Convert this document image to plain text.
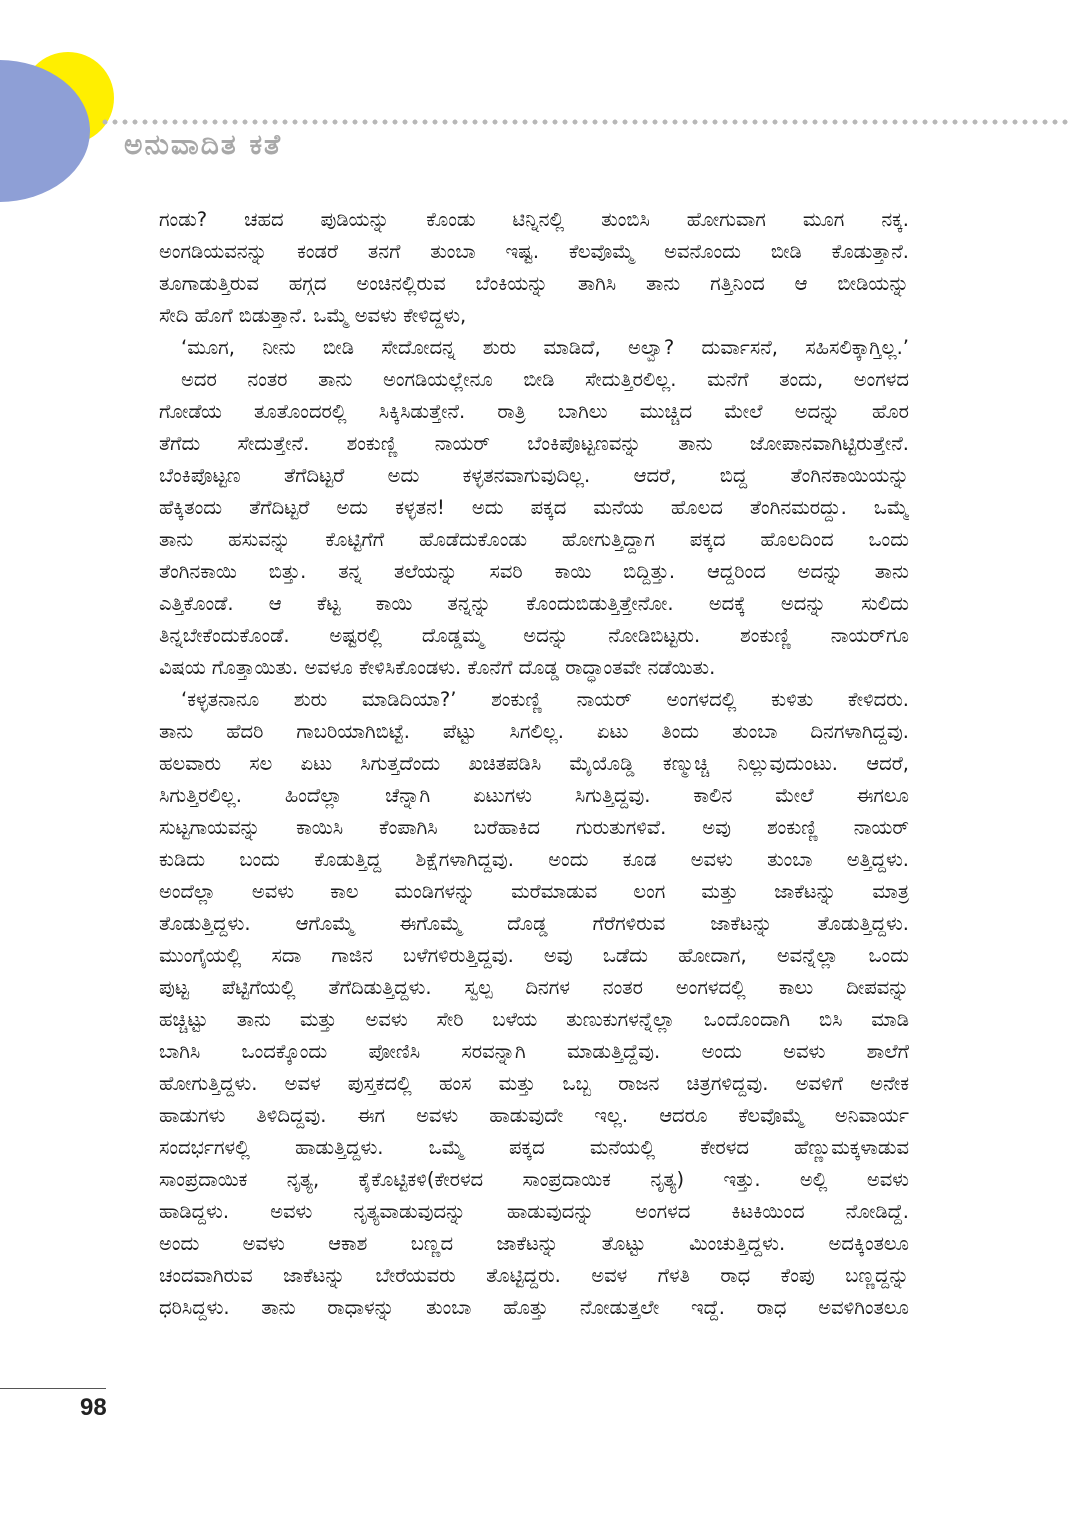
ಅನುವಾದಿತ ಕತೆ
ಗಂಡು? ಚಹದ ಪುಡಿಯನ್ನು ಕೊಂಡು ಟಿನ್ನಿನಲ್ಲಿ ತುಂಬಿಸಿ ಹೋಗುವಾಗ ಮೂಗ ನಕ್ಕ.
ಅಂಗಡಿಯವನನ್ನು ಕಂಡರೆ ತನಗೆ ತುಂಬಾ ಇಷ್ಟ. ಕೆಲವೊಮ್ಮೆ ಅವನೊಂದು ಬೀಡಿ ಕೊಡುತ್ತಾನೆ.
ತೂಗಾಡುತ್ತಿರುವ ಹಗ್ಗದ ಅಂಚಿನಲ್ಲಿರುವ ಬೆಂಕಿಯನ್ನು ತಾಗಿಸಿ ತಾನು ಗತ್ತಿನಿಂದ ಆ ಬೀಡಿಯನ್ನು
ಸೇದಿ ಹೊಗೆ ಬಿಡುತ್ತಾನೆ. ಒಮ್ಮೆ ಅವಳು ಕೇಳಿದ್ದಳು,
‘ಮೂಗ, ನೀನು ಬೀಡಿ ಸೇದೋದನ್ನ ಶುರು ಮಾಡಿದೆ, ಅಲ್ವಾ? ದುರ್ವಾಸನೆ, ಸಹಿಸಲಿಕ್ಕಾಗ್ತಿಲ್ಲ.’
ಅದರ ನಂತರ ತಾನು ಅಂಗಡಿಯಲ್ಲೇನೂ ಬೀಡಿ ಸೇದುತ್ತಿರಲಿಲ್ಲ. ಮನೆಗೆ ತಂದು, ಅಂಗಳದ
ಗೋಡೆಯ ತೂತೊಂದರಲ್ಲಿ ಸಿಕ್ಕಿಸಿಡುತ್ತೇನೆ. ರಾತ್ರಿ ಬಾಗಿಲು ಮುಚ್ಚಿದ ಮೇಲೆ ಅದನ್ನು ಹೊರ
ತೆಗೆದು ಸೇದುತ್ತೇನೆ. ಶಂಕುಣ್ಣಿ ನಾಯರ್ ಬೆಂಕಿಪೊಟ್ಟಣವನ್ನು ತಾನು ಜೋಪಾನವಾಗಿಟ್ಟಿರುತ್ತೇನೆ.
ಬೆಂಕಿಪೊಟ್ಟಣ ತೆಗೆದಿಟ್ಟರೆ ಅದು ಕಳ್ಳತನವಾಗುವುದಿಲ್ಲ. ಆದರೆ, ಬಿದ್ದ ತೆಂಗಿನಕಾಯಿಯನ್ನು
ಹೆಕ್ಕಿತಂದು ತೆಗೆದಿಟ್ಟರೆ ಅದು ಕಳ್ಳತನ! ಅದು ಪಕ್ಕದ ಮನೆಯ ಹೊಲದ ತೆಂಗಿನಮರದ್ದು. ಒಮ್ಮೆ
ತಾನು ಹಸುವನ್ನು ಕೊಟ್ಟಿಗೆಗೆ ಹೊಡೆದುಕೊಂಡು ಹೋಗುತ್ತಿದ್ದಾಗ ಪಕ್ಕದ ಹೊಲದಿಂದ ಒಂದು
ತೆಂಗಿನಕಾಯಿ ಬಿತ್ತು. ತನ್ನ ತಲೆಯನ್ನು ಸವರಿ ಕಾಯಿ ಬಿದ್ದಿತ್ತು. ಆದ್ದರಿಂದ ಅದನ್ನು ತಾನು
ಎತ್ತಿಕೊಂಡೆ. ಆ ಕೆಟ್ಟ ಕಾಯಿ ತನ್ನನ್ನು ಕೊಂದುಬಿಡುತ್ತಿತ್ತೇನೋ. ಅದಕ್ಕೆ ಅದನ್ನು ಸುಲಿದು
ತಿನ್ನಬೇಕೆಂದುಕೊಂಡೆ. ಅಷ್ಟರಲ್ಲಿ ದೊಡ್ಡಮ್ಮ ಅದನ್ನು ನೋಡಿಬಿಟ್ಟರು. ಶಂಕುಣ್ಣಿ ನಾಯರ್‌ಗೂ
ವಿಷಯ ಗೊತ್ತಾಯಿತು. ಅವಳೂ ಕೇಳಿಸಿಕೊಂಡಳು. ಕೊನೆಗೆ ದೊಡ್ಡ ರಾದ್ಧಾಂತವೇ ನಡೆಯಿತು.
‘ಕಳ್ಳತನಾನೂ ಶುರು ಮಾಡಿದಿಯಾ?’ ಶಂಕುಣ್ಣಿ ನಾಯರ್ ಅಂಗಳದಲ್ಲಿ ಕುಳಿತು ಕೇಳಿದರು.
ತಾನು ಹೆದರಿ ಗಾಬರಿಯಾಗಿಬಿಟ್ಟೆ. ಪೆಟ್ಟು ಸಿಗಲಿಲ್ಲ. ಏಟು ತಿಂದು ತುಂಬಾ ದಿನಗಳಾಗಿದ್ದವು.
ಹಲವಾರು ಸಲ ಏಟು ಸಿಗುತ್ತದೆಂದು ಖಚಿತಪಡಿಸಿ ಮೈಯೊಡ್ಡಿ ಕಣ್ಮುಚ್ಚಿ ನಿಲ್ಲುವುದುಂಟು. ಆದರೆ,
ಸಿಗುತ್ತಿರಲಿಲ್ಲ. ಹಿಂದೆಲ್ಲಾ ಚೆನ್ನಾಗಿ ಏಟುಗಳು ಸಿಗುತ್ತಿದ್ದವು. ಕಾಲಿನ ಮೇಲೆ ಈಗಲೂ
ಸುಟ್ಟಗಾಯವನ್ನು ಕಾಯಿಸಿ ಕೆಂಪಾಗಿಸಿ ಬರೆಹಾಕಿದ ಗುರುತುಗಳಿವೆ. ಅವು ಶಂಕುಣ್ಣಿ ನಾಯರ್
ಕುಡಿದು ಬಂದು ಕೊಡುತ್ತಿದ್ದ ಶಿಕ್ಷೆಗಳಾಗಿದ್ದವು. ಅಂದು ಕೂಡ ಅವಳು ತುಂಬಾ ಅತ್ತಿದ್ದಳು.
ಅಂದೆಲ್ಲಾ ಅವಳು ಕಾಲ ಮಂಡಿಗಳನ್ನು ಮರೆಮಾಡುವ ಲಂಗ ಮತ್ತು ಜಾಕೆಟನ್ನು ಮಾತ್ರ
ತೊಡುತ್ತಿದ್ದಳು. ಆಗೊಮ್ಮೆ ಈಗೊಮ್ಮೆ ದೊಡ್ಡ ಗೆರೆಗಳಿರುವ ಜಾಕೆಟನ್ನು ತೊಡುತ್ತಿದ್ದಳು.
ಮುಂಗೈಯಲ್ಲಿ ಸದಾ ಗಾಜಿನ ಬಳೆಗಳಿರುತ್ತಿದ್ದವು. ಅವು ಒಡೆದು ಹೋದಾಗ, ಅವನ್ನೆಲ್ಲಾ ಒಂದು
ಪುಟ್ಟ ಪೆಟ್ಟಿಗೆಯಲ್ಲಿ ತೆಗೆದಿಡುತ್ತಿದ್ದಳು. ಸ್ವಲ್ಪ ದಿನಗಳ ನಂತರ ಅಂಗಳದಲ್ಲಿ ಕಾಲು ದೀಪವನ್ನು
ಹಚ್ಚಿಟ್ಟು ತಾನು ಮತ್ತು ಅವಳು ಸೇರಿ ಬಳೆಯ ತುಣುಕುಗಳನ್ನೆಲ್ಲಾ ಒಂದೊಂದಾಗಿ ಬಿಸಿ ಮಾಡಿ
ಬಾಗಿಸಿ ಒಂದಕ್ಕೊಂದು ಪೋಣಿಸಿ ಸರವನ್ನಾಗಿ ಮಾಡುತ್ತಿದ್ದೆವು. ಅಂದು ಅವಳು ಶಾಲೆಗೆ
ಹೋಗುತ್ತಿದ್ದಳು. ಅವಳ ಪುಸ್ತಕದಲ್ಲಿ ಹಂಸ ಮತ್ತು ಒಬ್ಬ ರಾಜನ ಚಿತ್ರಗಳಿದ್ದವು. ಅವಳಿಗೆ ಅನೇಕ
ಹಾಡುಗಳು ತಿಳಿದಿದ್ದವು. ಈಗ ಅವಳು ಹಾಡುವುದೇ ಇಲ್ಲ. ಆದರೂ ಕೆಲವೊಮ್ಮೆ ಅನಿವಾರ್ಯ
ಸಂದರ್ಭಗಳಲ್ಲಿ ಹಾಡುತ್ತಿದ್ದಳು. ಒಮ್ಮೆ ಪಕ್ಕದ ಮನೆಯಲ್ಲಿ ಕೇರಳದ ಹೆಣ್ಣುಮಕ್ಕಳಾಡುವ
ಸಾಂಪ್ರದಾಯಿಕ ನೃತ್ಯ, ಕೈಕೊಟ್ಟಿಕಳಿ(ಕೇರಳದ ಸಾಂಪ್ರದಾಯಿಕ ನೃತ್ಯ) ಇತ್ತು. ಅಲ್ಲಿ ಅವಳು
ಹಾಡಿದ್ದಳು. ಅವಳು ನೃತ್ಯವಾಡುವುದನ್ನು ಹಾಡುವುದನ್ನು ಅಂಗಳದ ಕಿಟಕಿಯಿಂದ ನೋಡಿದ್ದೆ.
ಅಂದು ಅವಳು ಆಕಾಶ ಬಣ್ಣದ ಜಾಕೆಟನ್ನು ತೊಟ್ಟು ಮಿಂಚುತ್ತಿದ್ದಳು. ಅದಕ್ಕಿಂತಲೂ
ಚಂದವಾಗಿರುವ ಜಾಕೆಟನ್ನು ಬೇರೆಯವರು ತೊಟ್ಟಿದ್ದರು. ಅವಳ ಗೆಳತಿ ರಾಧ ಕೆಂಪು ಬಣ್ಣದ್ದನ್ನು
ಧರಿಸಿದ್ದಳು. ತಾನು ರಾಧಾಳನ್ನು ತುಂಬಾ ಹೊತ್ತು ನೋಡುತ್ತಲೇ ಇದ್ದೆ. ರಾಧ ಅವಳಿಗಿಂತಲೂ
98
